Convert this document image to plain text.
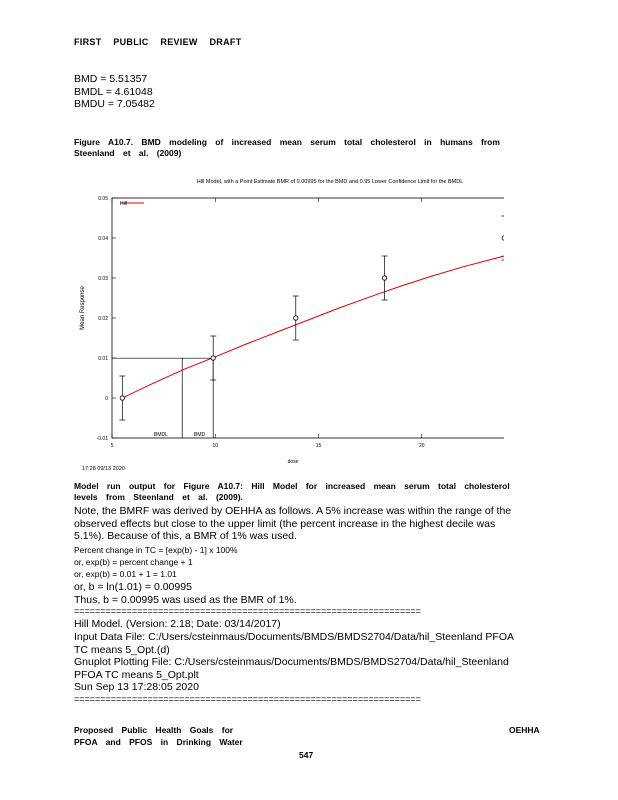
FIRST PUBLIC REVIEW DRAFT
BMD = 5.51357
BMDL = 4.61048
BMDU = 7.05482
Figure A10.7. BMD modeling of increased mean serum total cholesterol in humans from
Steenland et al. (2009)
Hill Model, with a Point Estimate BMR of 0.00995 for the BMD and 0.95 Lower Confidence Limit for the BMDL
-0.01
0
0.01
0.02
0.03
0.04
0.05
5	10	15	20
Mean Response
dose
Hill
BMDL	BMD
17:28 09/13 2020
Model run output for Figure A10.7: Hill Model for increased mean serum total cholesterol
levels from Steenland et al. (2009).
Note, the BMRF was derived by OEHHA as follows. A 5% increase was within the range of the
observed effects but close to the upper limit (the percent increase in the highest decile was
5.1%). Because of this, a BMR of 1% was used.
Percent change in TC = [exp(b) - 1] x 100%
or, exp(b) = percent change + 1
or, exp(b) = 0.01 + 1 = 1.01
or, b = ln(1.01) = 0.00995
Thus, b = 0.00995 was used as the BMR of 1%.
==================================================================
Hill Model. (Version: 2.18; Date: 03/14/2017)
Input Data File: C:/Users/csteinmaus/Documents/BMDS/BMDS2704/Data/hil_Steenland PFOA
TC means 5_Opt.(d)
Gnuplot Plotting File: C:/Users/csteinmaus/Documents/BMDS/BMDS2704/Data/hil_Steenland
PFOA TC means 5_Opt.plt
Sun Sep 13 17:28:05 2020
==================================================================
Proposed Public Health Goals for
PFOA and PFOS in Drinking Water
OEHHA
547
